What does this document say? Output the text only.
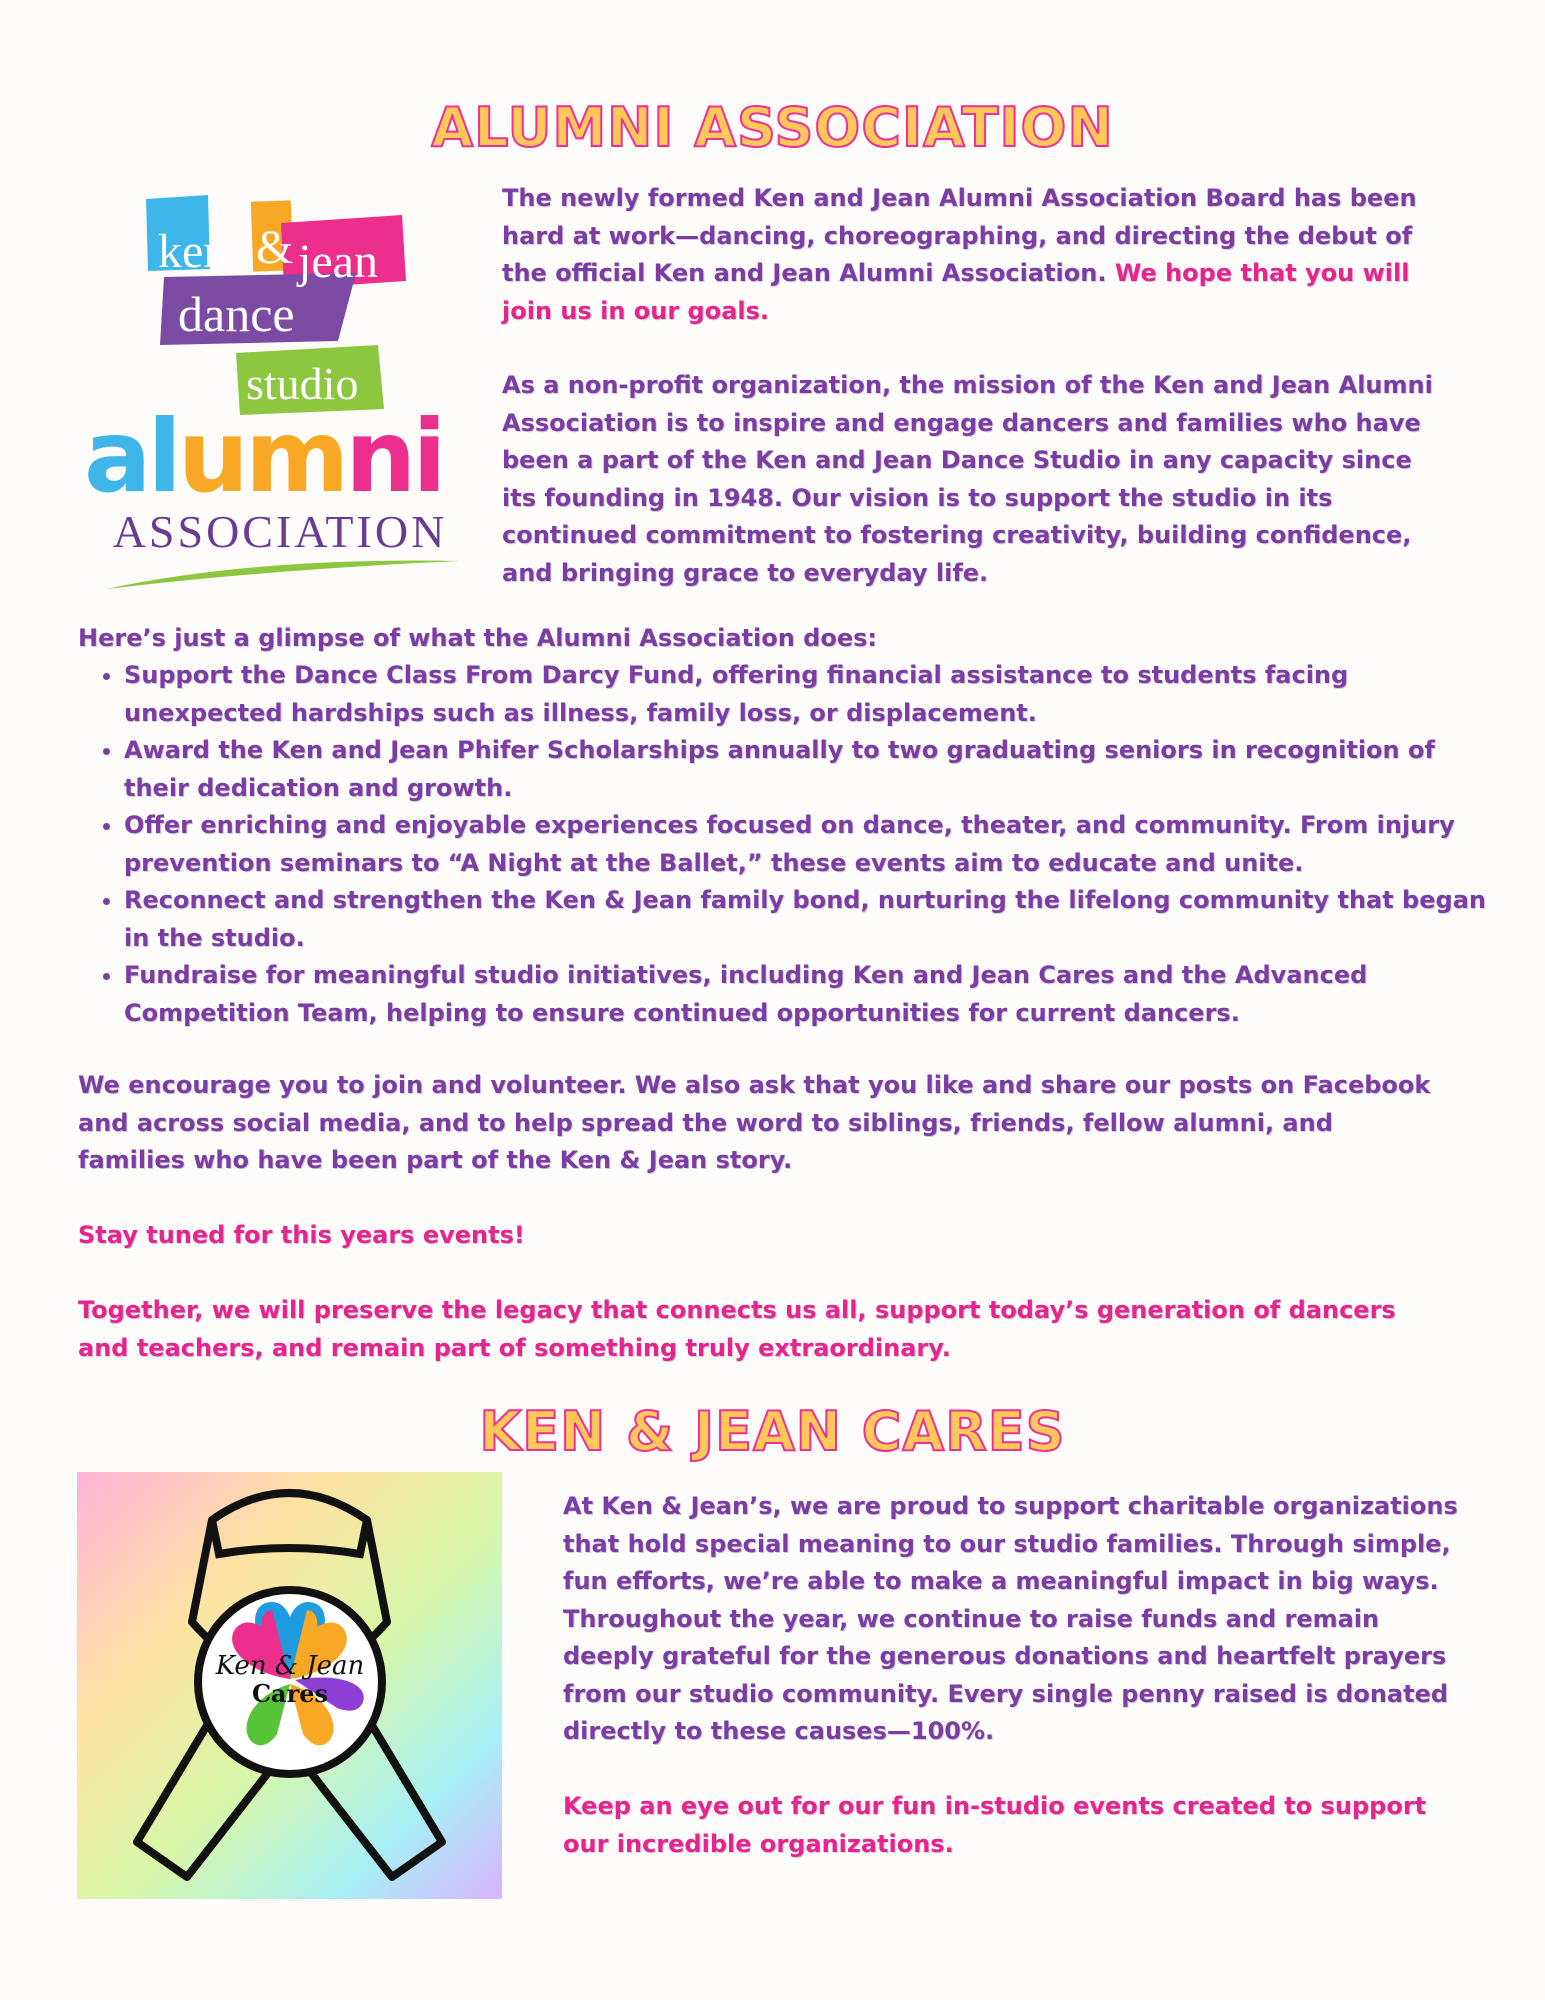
ALUMNI ASSOCIATION
ken & jean
dance
studio
alumni
ASSOCIATION

The newly formed Ken and Jean Alumni Association Board has been hard at work—dancing, choreographing, and directing the debut of the official Ken and Jean Alumni Association. We hope that you will join us in our goals.

As a non-profit organization, the mission of the Ken and Jean Alumni Association is to inspire and engage dancers and families who have been a part of the Ken and Jean Dance Studio in any capacity since its founding in 1948. Our vision is to support the studio in its continued commitment to fostering creativity, building confidence, and bringing grace to everyday life.

Here’s just a glimpse of what the Alumni Association does:

• Support the Dance Class From Darcy Fund, offering financial assistance to students facing unexpected hardships such as illness, family loss, or displacement.
• Award the Ken and Jean Phifer Scholarships annually to two graduating seniors in recognition of their dedication and growth.
• Offer enriching and enjoyable experiences focused on dance, theater, and community. From injury prevention seminars to “A Night at the Ballet,” these events aim to educate and unite.
• Reconnect and strengthen the Ken & Jean family bond, nurturing the lifelong community that began in the studio.
• Fundraise for meaningful studio initiatives, including Ken and Jean Cares and the Advanced Competition Team, helping to ensure continued opportunities for current dancers.

We encourage you to join and volunteer. We also ask that you like and share our posts on Facebook and across social media, and to help spread the word to siblings, friends, fellow alumni, and families who have been part of the Ken & Jean story.

Stay tuned for this years events!

Together, we will preserve the legacy that connects us all, support today’s generation of dancers and teachers, and remain part of something truly extraordinary.

KEN & JEAN CARES
Ken & Jean
Cares

At Ken & Jean’s, we are proud to support charitable organizations that hold special meaning to our studio families. Through simple, fun efforts, we’re able to make a meaningful impact in big ways. Throughout the year, we continue to raise funds and remain deeply grateful for the generous donations and heartfelt prayers from our studio community. Every single penny raised is donated directly to these causes—100%.

Keep an eye out for our fun in-studio events created to support our incredible organizations.
